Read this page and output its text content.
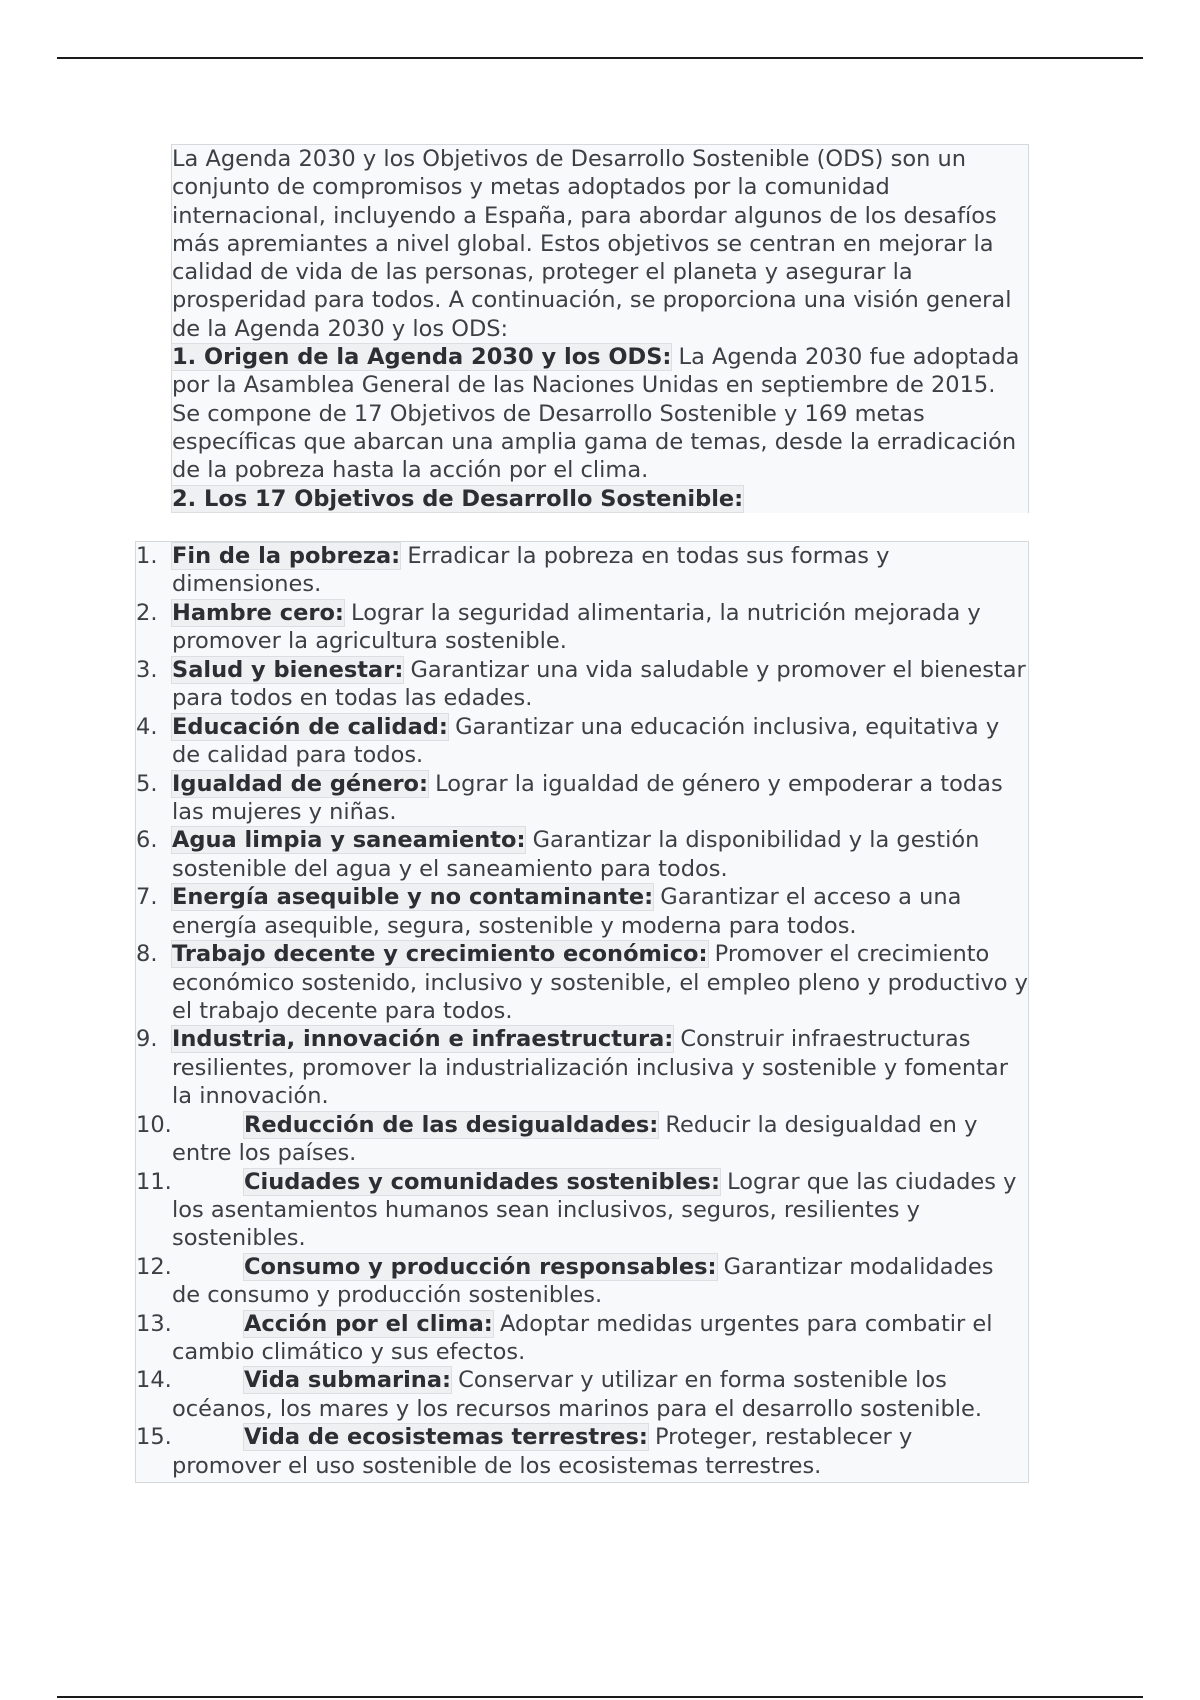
La Agenda 2030 y los Objetivos de Desarrollo Sostenible (ODS) son un conjunto de compromisos y metas adoptados por la comunidad internacional, incluyendo a España, para abordar algunos de los desafíos más apremiantes a nivel global. Estos objetivos se centran en mejorar la calidad de vida de las personas, proteger el planeta y asegurar la prosperidad para todos. A continuación, se proporciona una visión general de la Agenda 2030 y los ODS:

1. Origen de la Agenda 2030 y los ODS: La Agenda 2030 fue adoptada por la Asamblea General de las Naciones Unidas en septiembre de 2015. Se compone de 17 Objetivos de Desarrollo Sostenible y 169 metas específicas que abarcan una amplia gama de temas, desde la erradicación de la pobreza hasta la acción por el clima.

2. Los 17 Objetivos de Desarrollo Sostenible:

1. Fin de la pobreza: Erradicar la pobreza en todas sus formas y dimensiones.
2. Hambre cero: Lograr la seguridad alimentaria, la nutrición mejorada y promover la agricultura sostenible.
3. Salud y bienestar: Garantizar una vida saludable y promover el bienestar para todos en todas las edades.
4. Educación de calidad: Garantizar una educación inclusiva, equitativa y de calidad para todos.
5. Igualdad de género: Lograr la igualdad de género y empoderar a todas las mujeres y niñas.
6. Agua limpia y saneamiento: Garantizar la disponibilidad y la gestión sostenible del agua y el saneamiento para todos.
7. Energía asequible y no contaminante: Garantizar el acceso a una energía asequible, segura, sostenible y moderna para todos.
8. Trabajo decente y crecimiento económico: Promover el crecimiento económico sostenido, inclusivo y sostenible, el empleo pleno y productivo y el trabajo decente para todos.
9. Industria, innovación e infraestructura: Construir infraestructuras resilientes, promover la industrialización inclusiva y sostenible y fomentar la innovación.
10.	Reducción de las desigualdades: Reducir la desigualdad en y entre los países.
11.	Ciudades y comunidades sostenibles: Lograr que las ciudades y los asentamientos humanos sean inclusivos, seguros, resilientes y sostenibles.
12.	Consumo y producción responsables: Garantizar modalidades de consumo y producción sostenibles.
13.	Acción por el clima: Adoptar medidas urgentes para combatir el cambio climático y sus efectos.
14.	Vida submarina: Conservar y utilizar en forma sostenible los océanos, los mares y los recursos marinos para el desarrollo sostenible.
15.	Vida de ecosistemas terrestres: Proteger, restablecer y promover el uso sostenible de los ecosistemas terrestres.
